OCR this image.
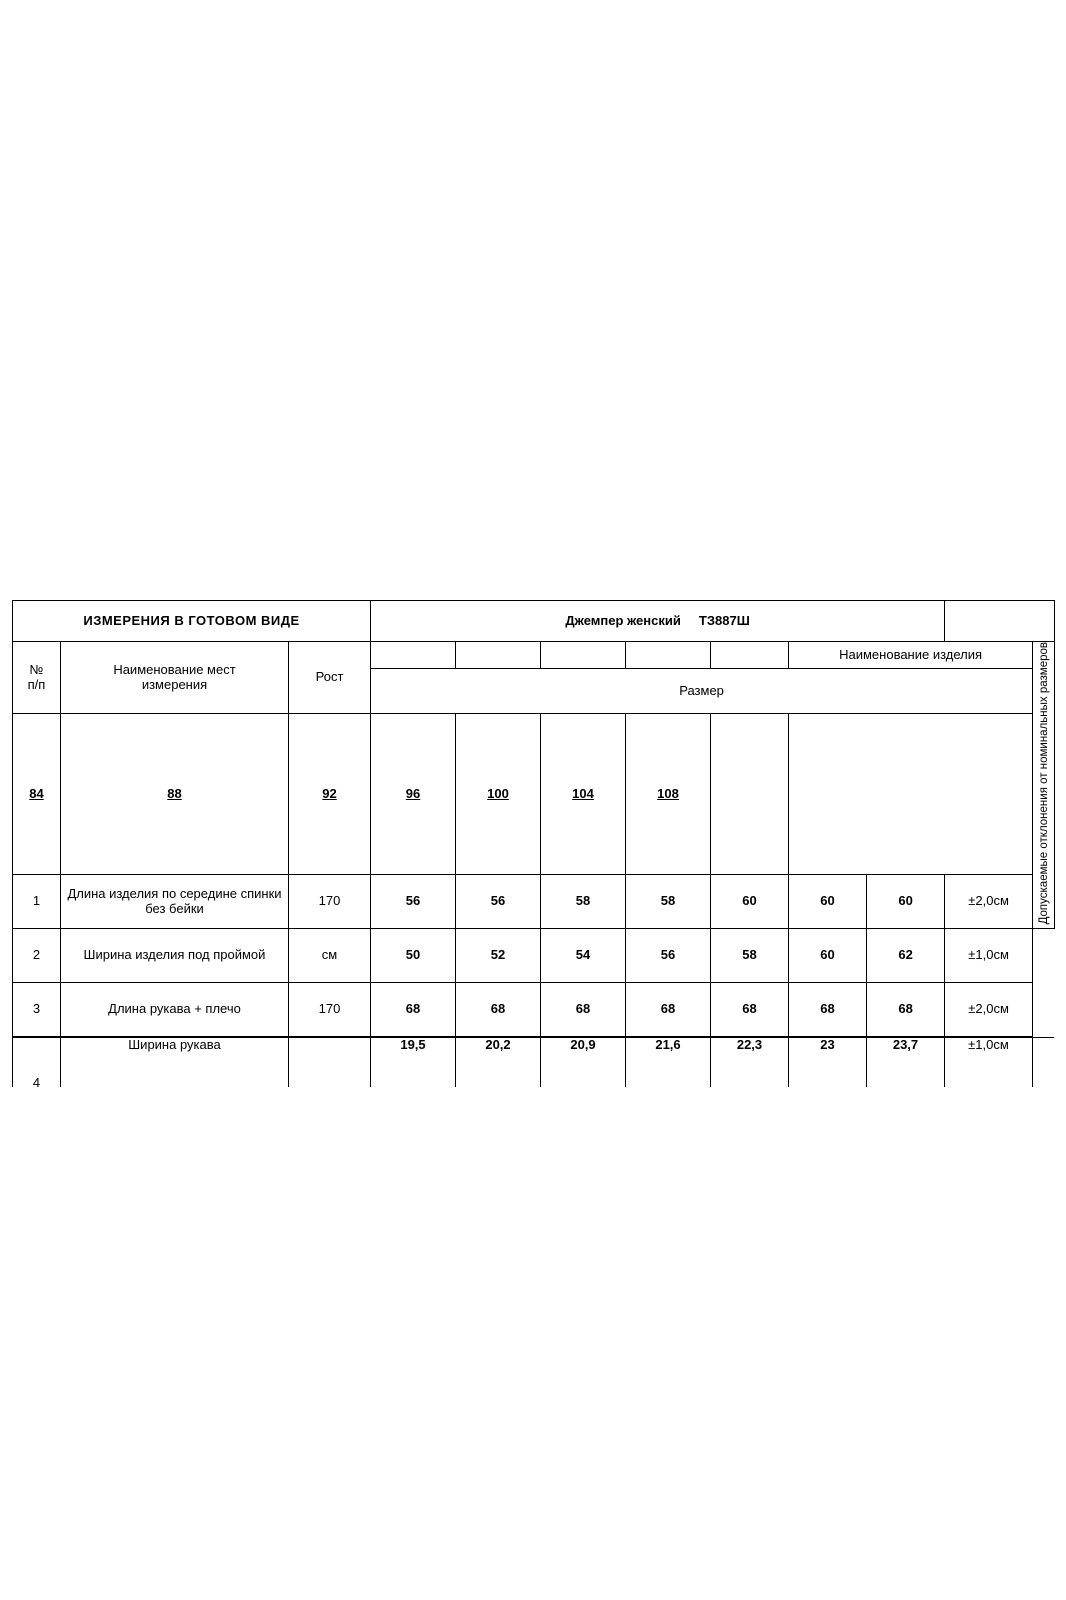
ИЗМЕРЕНИЯ В ГОТОВОМ ВИДЕ			Джемпер женский ТЗ887Ш								
№
п/п	Наименование мест
измерения	Рост						Наименование изделия			Допускаемые отклонения от номинальных размеров
			Размер								
84	88	92	96	100	104	108					
1	Длина изделия по середине спинки без бейки	170	56	56	58	58	60	60	60	±2,0см	
2	Ширина изделия под проймой	см	50	52	54	56	58	60	62	±1,0см	
3	Длина рукава + плечо	170	68	68	68	68	68	68	68	±2,0см	
4	Ширина рукава		19,5	20,2	20,9	21,6	22,3	23	23,7	±1,0см	
